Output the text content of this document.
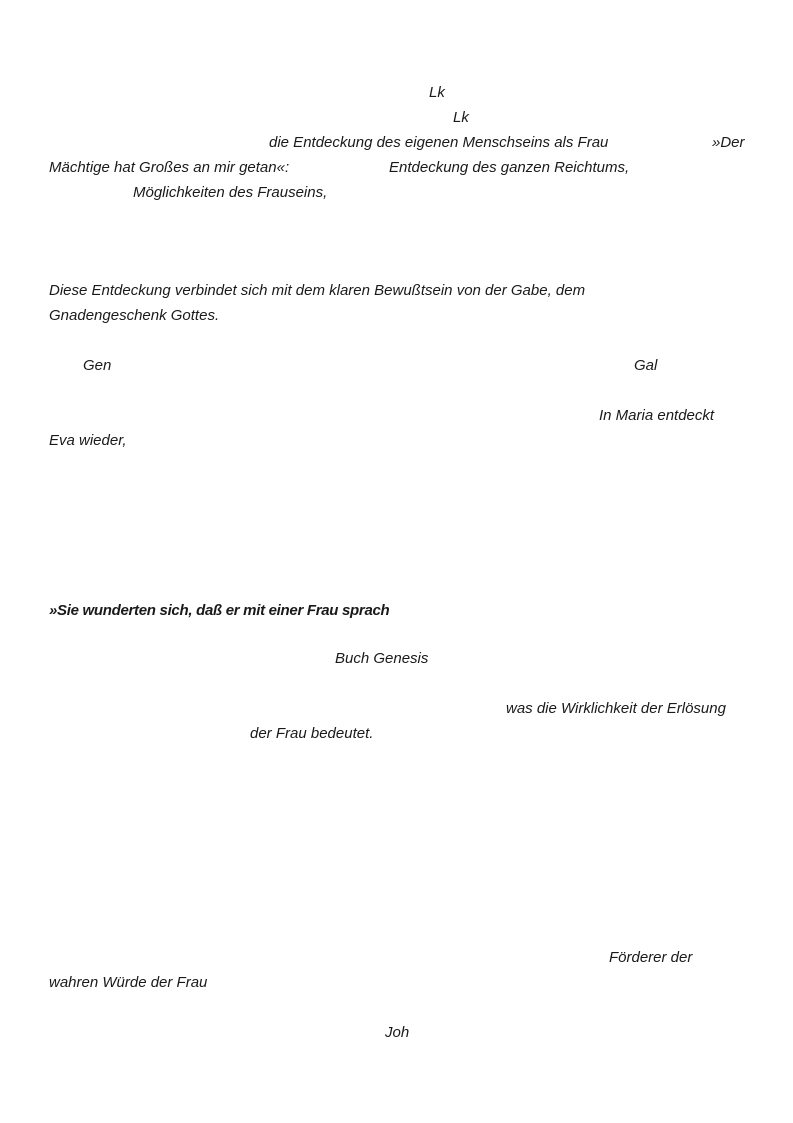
Lk
Lk
die Entdeckung des eigenen Menschseins als Frau	»Der
Mächtige hat Großes an mir getan«:	Entdeckung des ganzen Reichtums,
Möglichkeiten des Frauseins,
Diese Entdeckung verbindet sich mit dem klaren Bewußtsein von der Gabe, dem
Gnadengeschenk Gottes.
Gen	Gal
In Maria entdeckt
Eva wieder,
»Sie wunderten sich, daß er mit einer Frau sprach
Buch Genesis
was die Wirklichkeit der Erlösung
der Frau bedeutet.
Förderer der
wahren Würde der Frau
Joh
